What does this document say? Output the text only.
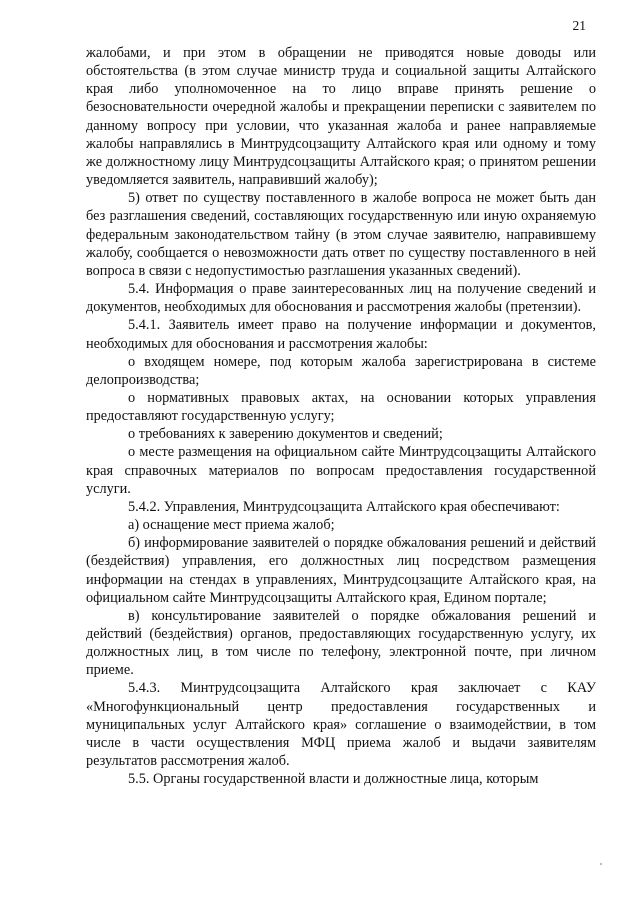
21

жалобами, и при этом в обращении не приводятся новые доводы или обстоятельства (в этом случае министр труда и социальной защиты Алтайского края либо уполномоченное на то лицо вправе принять решение о безосновательности очередной жалобы и прекращении переписки с заявителем по данному вопросу при условии, что указанная жалоба и ранее направляемые жалобы направлялись в Минтрудсоцзащиту Алтайского края или одному и тому же должностному лицу Минтрудсоцзащиты Алтайского края; о принятом решении уведомляется заявитель, направивший жалобу);

5) ответ по существу поставленного в жалобе вопроса не может быть дан без разглашения сведений, составляющих государственную или иную охраняемую федеральным законодательством тайну (в этом случае заявителю, направившему жалобу, сообщается о невозможности дать ответ по существу поставленного в ней вопроса в связи с недопустимостью разглашения указанных сведений).

5.4. Информация о праве заинтересованных лиц на получение сведений и документов, необходимых для обоснования и рассмотрения жалобы (претензии).

5.4.1. Заявитель имеет право на получение информации и документов, необходимых для обоснования и рассмотрения жалобы:

о входящем номере, под которым жалоба зарегистрирована в системе делопроизводства;

о нормативных правовых актах, на основании которых управления предоставляют государственную услугу;

о требованиях к заверению документов и сведений;

о месте размещения на официальном сайте Минтрудсоцзащиты Алтайского края справочных материалов по вопросам предоставления государственной услуги.

5.4.2. Управления, Минтрудсоцзащита Алтайского края обеспечивают:

а) оснащение мест приема жалоб;

б) информирование заявителей о порядке обжалования решений и действий (бездействия) управления, его должностных лиц посредством размещения информации на стендах в управлениях, Минтрудсоцзащите Алтайского края, на официальном сайте Минтрудсоцзащиты Алтайского края, Едином портале;

в) консультирование заявителей о порядке обжалования решений и действий (бездействия) органов, предоставляющих государственную услугу, их должностных лиц, в том числе по телефону, электронной почте, при личном приеме.

5.4.3. Минтрудсоцзащита Алтайского края заключает с КАУ «Многофункциональный центр предоставления государственных и муниципальных услуг Алтайского края» соглашение о взаимодействии, в том числе в части осуществления МФЦ приема жалоб и выдачи заявителям результатов рассмотрения жалоб.

5.5. Органы государственной власти и должностные лица, которым
